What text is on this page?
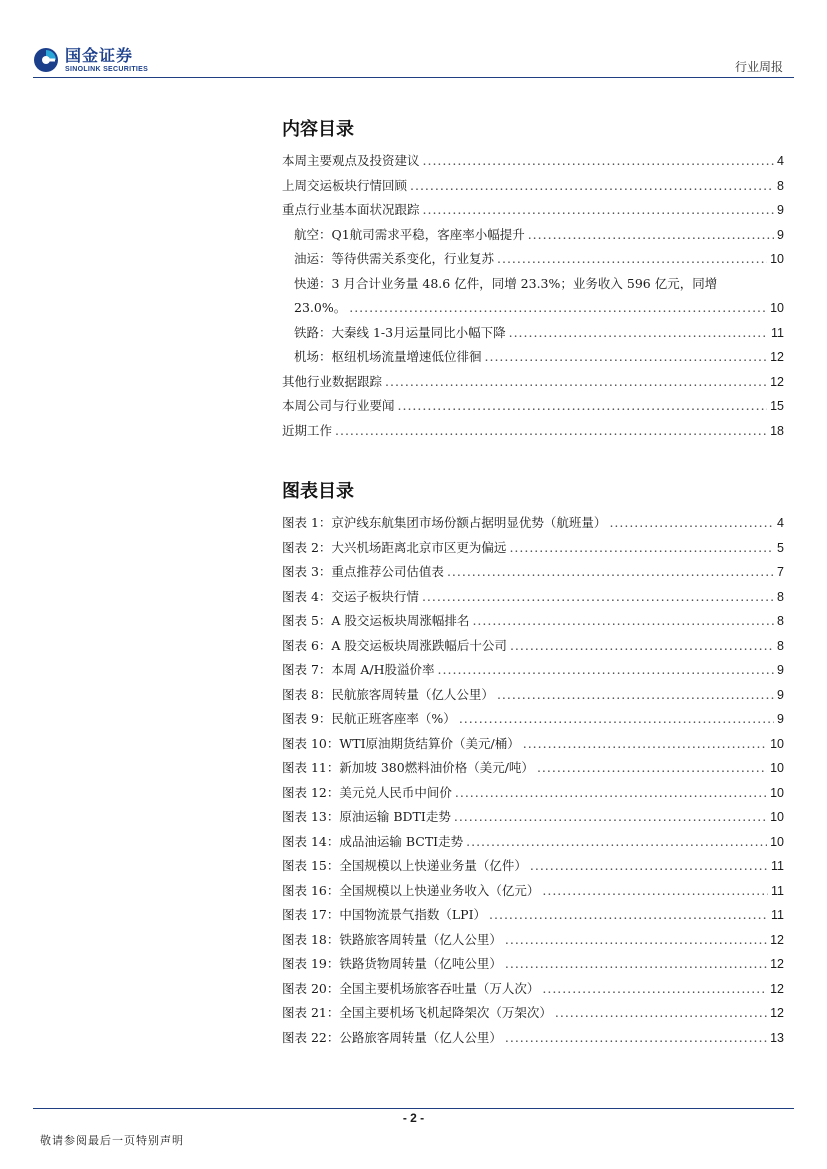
国金证券
SINOLINK SECURITIES	行业周报
内容目录
本周主要观点及投资建议 .....	4
上周交运板块行情回顾 .....	8
重点行业基本面状况跟踪 .....	9
航空：Q1航司需求平稳，客座率小幅提升 .....	9
油运：等待供需关系变化，行业复苏 .....	10
快递：3 月合计业务量 48.6 亿件，同增 23.3%；业务收入 596 亿元，同增
23.0%。 .....	10
铁路：大秦线 1-3月运量同比小幅下降 .....	11
机场：枢纽机场流量增速低位徘徊 .....	12
其他行业数据跟踪 .....	12
本周公司与行业要闻 .....	15
近期工作 .....	18
图表目录
图表 1：京沪线东航集团市场份额占据明显优势（航班量） .....	4
图表 2：大兴机场距离北京市区更为偏远 .....	5
图表 3：重点推荐公司估值表 .....	7
图表 4：交运子板块行情 .....	8
图表 5：A 股交运板块周涨幅排名 .....	8
图表 6：A 股交运板块周涨跌幅后十公司 .....	8
图表 7：本周 A/H股溢价率 .....	9
图表 8：民航旅客周转量（亿人公里） .....	9
图表 9：民航正班客座率（%） .....	9
图表 10：WTI原油期货结算价（美元/桶） .....	10
图表 11：新加坡 380燃料油价格（美元/吨） .....	10
图表 12：美元兑人民币中间价 .....	10
图表 13：原油运输 BDTI走势 .....	10
图表 14：成品油运输 BCTI走势 .....	10
图表 15：全国规模以上快递业务量（亿件） .....	11
图表 16：全国规模以上快递业务收入（亿元） .....	11
图表 17：中国物流景气指数（LPI） .....	11
图表 18：铁路旅客周转量（亿人公里） .....	12
图表 19：铁路货物周转量（亿吨公里） .....	12
图表 20：全国主要机场旅客吞吐量（万人次） .....	12
图表 21：全国主要机场飞机起降架次（万架次） .....	12
图表 22：公路旅客周转量（亿人公里） .....	13
- 2 -
敬请参阅最后一页特别声明
